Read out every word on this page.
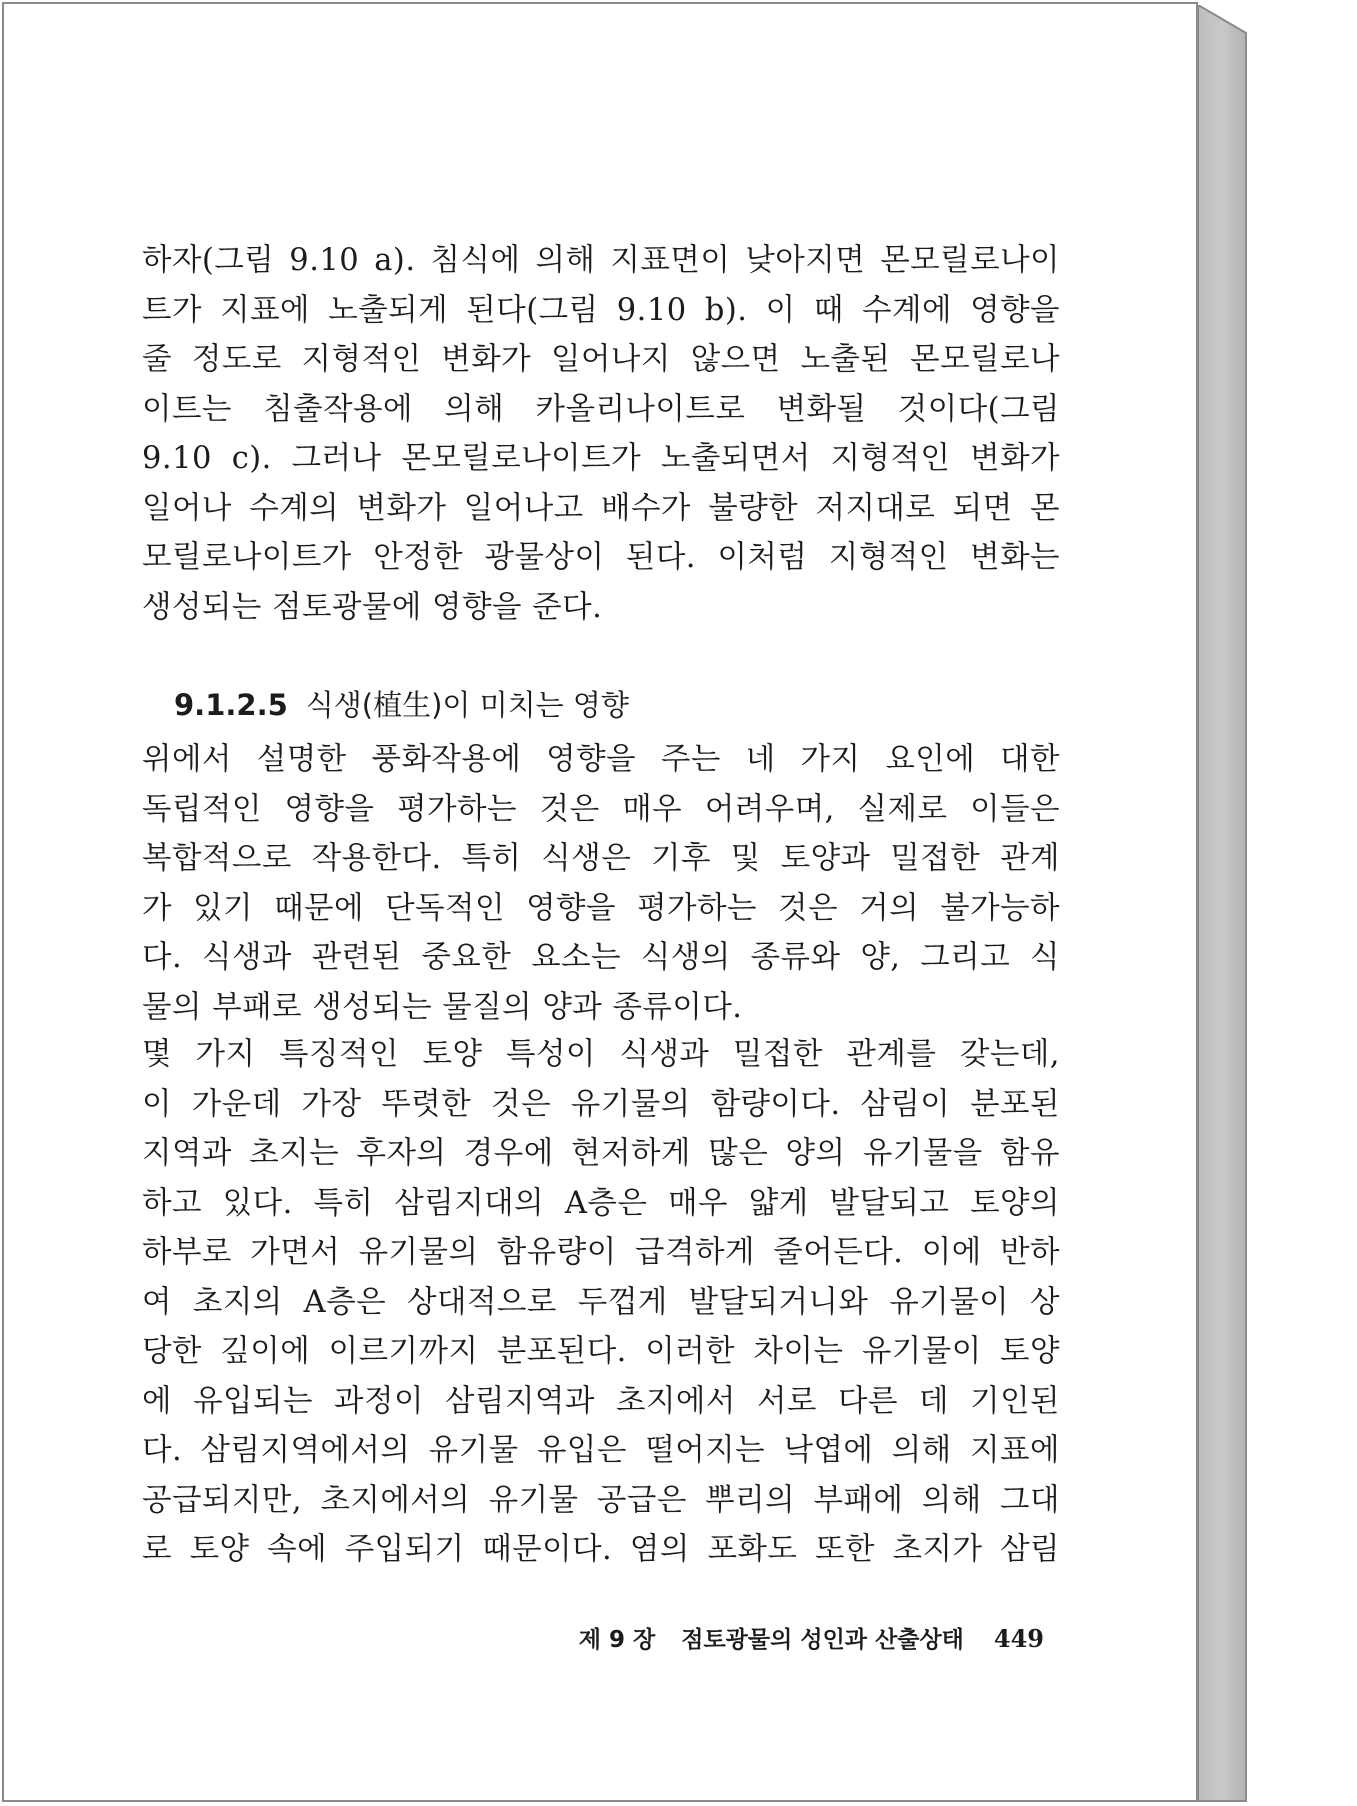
하자(그림 9.10 a). 침식에 의해 지표면이 낮아지면 몬모릴로나이
트가 지표에 노출되게 된다(그림 9.10 b). 이 때 수계에 영향을
줄 정도로 지형적인 변화가 일어나지 않으면 노출된 몬모릴로나
이트는 침출작용에 의해 카올리나이트로 변화될 것이다(그림
9.10 c). 그러나 몬모릴로나이트가 노출되면서 지형적인 변화가
일어나 수계의 변화가 일어나고 배수가 불량한 저지대로 되면 몬
모릴로나이트가 안정한 광물상이 된다. 이처럼 지형적인 변화는
생성되는 점토광물에 영향을 준다.
9.1.2.5 식생(植生)이 미치는 영향
위에서 설명한 풍화작용에 영향을 주는 네 가지 요인에 대한
독립적인 영향을 평가하는 것은 매우 어려우며, 실제로 이들은
복합적으로 작용한다. 특히 식생은 기후 및 토양과 밀접한 관계
가 있기 때문에 단독적인 영향을 평가하는 것은 거의 불가능하
다. 식생과 관련된 중요한 요소는 식생의 종류와 양, 그리고 식
물의 부패로 생성되는 물질의 양과 종류이다.
몇 가지 특징적인 토양 특성이 식생과 밀접한 관계를 갖는데,
이 가운데 가장 뚜렷한 것은 유기물의 함량이다. 삼림이 분포된
지역과 초지는 후자의 경우에 현저하게 많은 양의 유기물을 함유
하고 있다. 특히 삼림지대의 A층은 매우 얇게 발달되고 토양의
하부로 가면서 유기물의 함유량이 급격하게 줄어든다. 이에 반하
여 초지의 A층은 상대적으로 두껍게 발달되거니와 유기물이 상
당한 깊이에 이르기까지 분포된다. 이러한 차이는 유기물이 토양
에 유입되는 과정이 삼림지역과 초지에서 서로 다른 데 기인된
다. 삼림지역에서의 유기물 유입은 떨어지는 낙엽에 의해 지표에
공급되지만, 초지에서의 유기물 공급은 뿌리의 부패에 의해 그대
로 토양 속에 주입되기 때문이다. 염의 포화도 또한 초지가 삼림
제 9 장 점토광물의 성인과 산출상태 449
